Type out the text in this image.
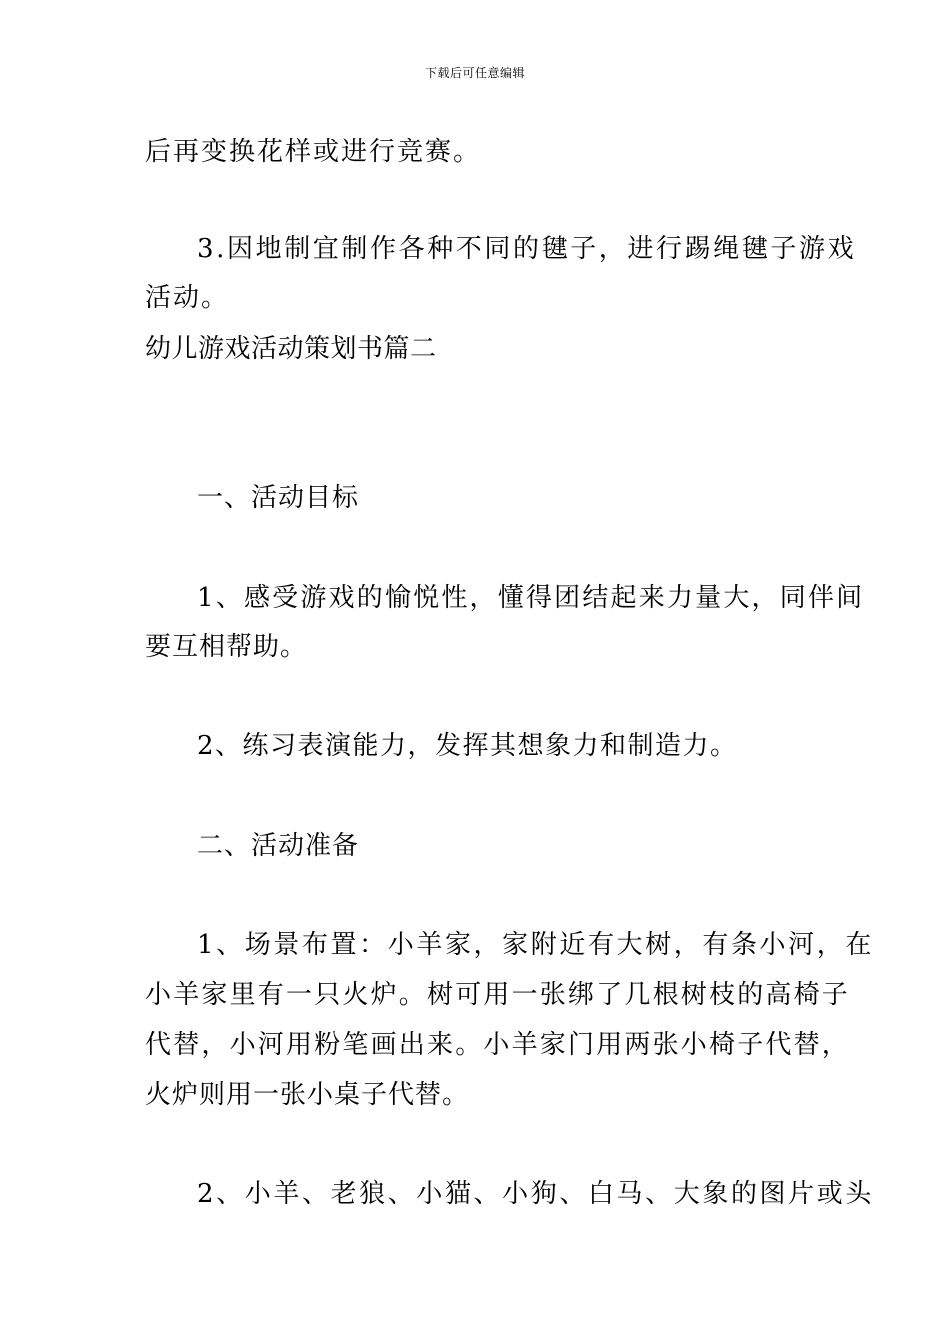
下载后可任意编辑
后再变换花样或进行竞赛。
3.因地制宜制作各种不同的毽子，进行踢绳毽子游戏
活动。
幼儿游戏活动策划书篇二
一、活动目标
1、感受游戏的愉悦性，懂得团结起来力量大，同伴间
要互相帮助。
2、练习表演能力，发挥其想象力和制造力。
二、活动准备
1、场景布置：小羊家，家附近有大树，有条小河，在
小羊家里有一只火炉。树可用一张绑了几根树枝的高椅子
代替，小河用粉笔画出来。小羊家门用两张小椅子代替，
火炉则用一张小桌子代替。
2、小羊、老狼、小猫、小狗、白马、大象的图片或头
